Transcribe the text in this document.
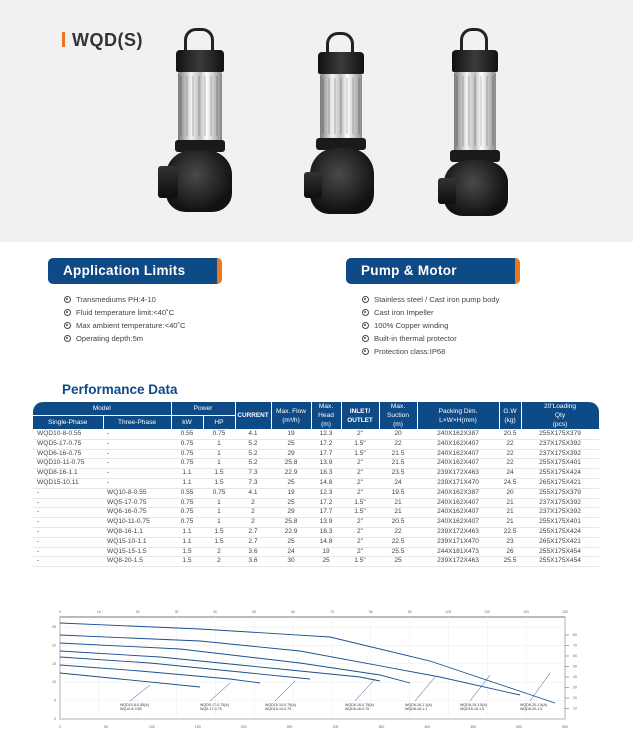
WQD(S)
Application Limits
Transmediums PH:4-10
Fluid temperature limit:<40˚C
Max ambient temperature:<40˚C
Operating depth:5m
Pump & Motor
Stainless steel / Cast iron pump body
Cast iron Impeller
100% Copper winding
Built-in thermal protector
Protection class:IP68
Performance Data
Model		Power		CURRENT	Max. Flow
(m³/h)	Max.
Head
(m)	INLET/
OUTLET	Max.
Suction
(m)	Packing Dim.
L×W×H(mm)	G.W
(kg)	20'Loading
Qty
(pcs)
Single-Phase	Three-Phase	kW	HP								
WQD10-8-0.55	-	0.55	0.75	4.1	19	12.3	2"	20	240X162X387	20.5	255X175X379
WQD5-17-0.75	-	0.75	1	5.2	25	17.2	1.5"	22	240X162X407	22	237X175X392
WQD6-16-0.75	-	0.75	1	5.2	29	17.7	1.5"	21.5	240X162X407	22	237X175X392
WQD10-11-0.75	-	0.75	1	5.2	25.8	13.9	2"	21.5	240X162X407	22	255X175X401
WQD8-16-1.1	-	1.1	1.5	7.3	22.9	18.3	2"	23.5	239X172X463	24	255X175X424
WQD15-10.11	-	1.1	1.5	7.3	25	14.8	2"	24	239X171X470	24.5	265X175X421
-	WQ10-8-0.55	0.55	0.75	4.1	19	12.3	2"	19.5	240X162X387	20	255X175X379
-	WQ5-17-0.75	0.75	1	2	25	17.2	1.5"	21	240X162X407	21	237X175X392
-	WQ6-16-0.75	0.75	1	2	29	17.7	1.5"	21	240X162X407	21	237X175X392
-	WQ10-11-0.75	0.75	1	2	25.8	13.9	2"	20.5	240X162X407	21	255X175X401
-	WQ8-16-1.1	1.1	1.5	2.7	22.9	18.3	2"	22	239X172X463	22.5	255X175X424
-	WQ15-10-1.1	1.1	1.5	2.7	25	14.8	2"	22.5	239X171X470	23	265X175X421
-	WQ15-15-1.5	1.5	2	3.6	24	19	2"	25.5	244X181X473	26	255X175X454
-	WQ8-20-1.5	1.5	2	3.6	30	25	1.5"	25	239X172X463	25.5	255X175X454
0	10	20	30	40	50	60	70	80	90	100	110	120	130
0	50	100	150	200	250	300	350	400	450	500	550
25
20
15
10
5
0
80
70
60
50
40
30
20
10
WQD10-8-0.55(A)
WQ10-8-0.55
WQD5-17-0.75(A)
WQ5-17-0.75
WQD15-10-0.75(A)
WQD15-10-0.75
WQD6-16-0.75(A)
WQD6-16-0.75
WQD8-16-1.1(A)
WQD8-16-1.1
WQD8-15-1.5(A)
WQD15-15-1.5
WQD8-20-1.5(A)
WQD8-20-1.5
